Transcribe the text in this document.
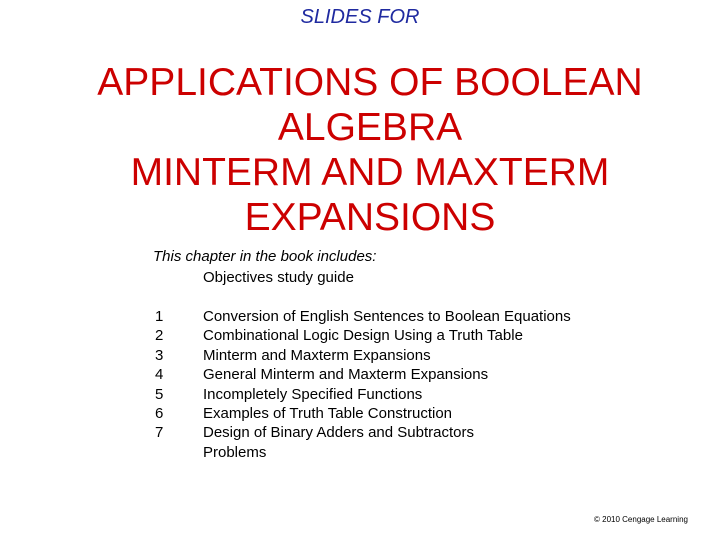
SLIDES FOR
APPLICATIONS OF BOOLEAN
ALGEBRA
MINTERM AND MAXTERM
EXPANSIONS
This chapter in the book includes:
Objectives study guide
1	Conversion of English Sentences to Boolean Equations
2	Combinational Logic Design Using a Truth Table
3	Minterm and Maxterm Expansions
4	General Minterm and Maxterm Expansions
5	Incompletely Specified Functions
6	Examples of Truth Table Construction
7	Design of Binary Adders and Subtractors
Problems
© 2010 Cengage Learning
